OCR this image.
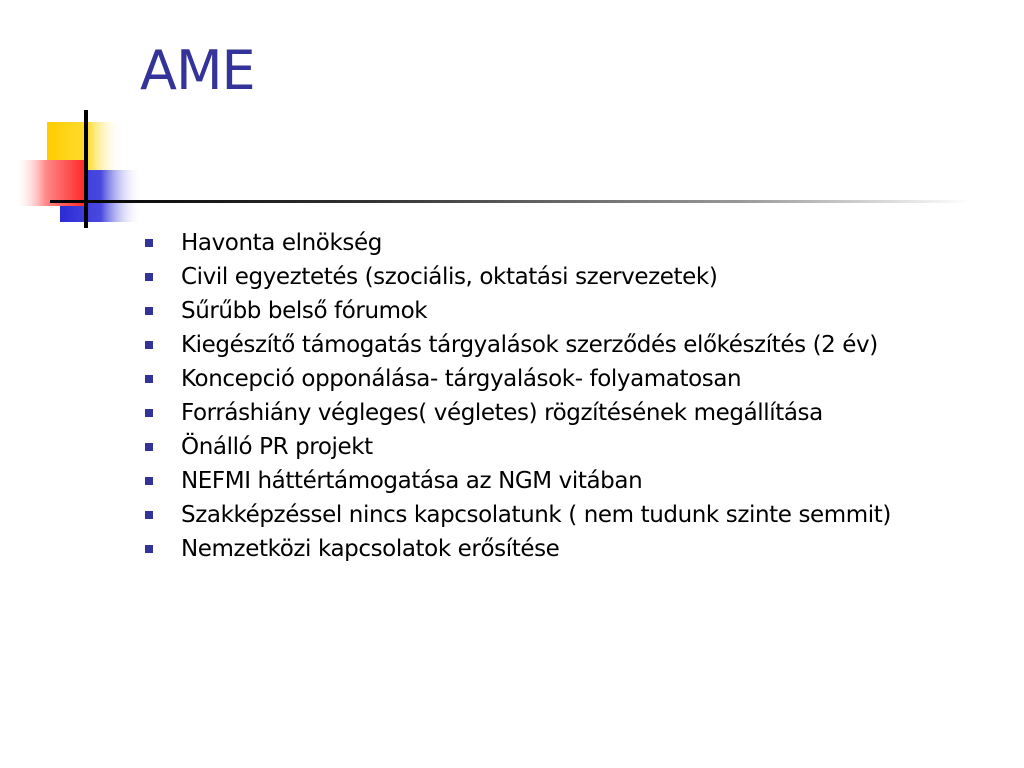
AME
Havonta elnökség
Civil egyeztetés (szociális, oktatási szervezetek)
Sűrűbb belső fórumok
Kiegészítő támogatás tárgyalások szerződés előkészítés (2 év)
Koncepció opponálása- tárgyalások- folyamatosan
Forráshiány végleges( végletes) rögzítésének megállítása
Önálló PR projekt
NEFMI háttértámogatása az NGM vitában
Szakképzéssel nincs kapcsolatunk ( nem tudunk szinte semmit)
Nemzetközi kapcsolatok erősítése
